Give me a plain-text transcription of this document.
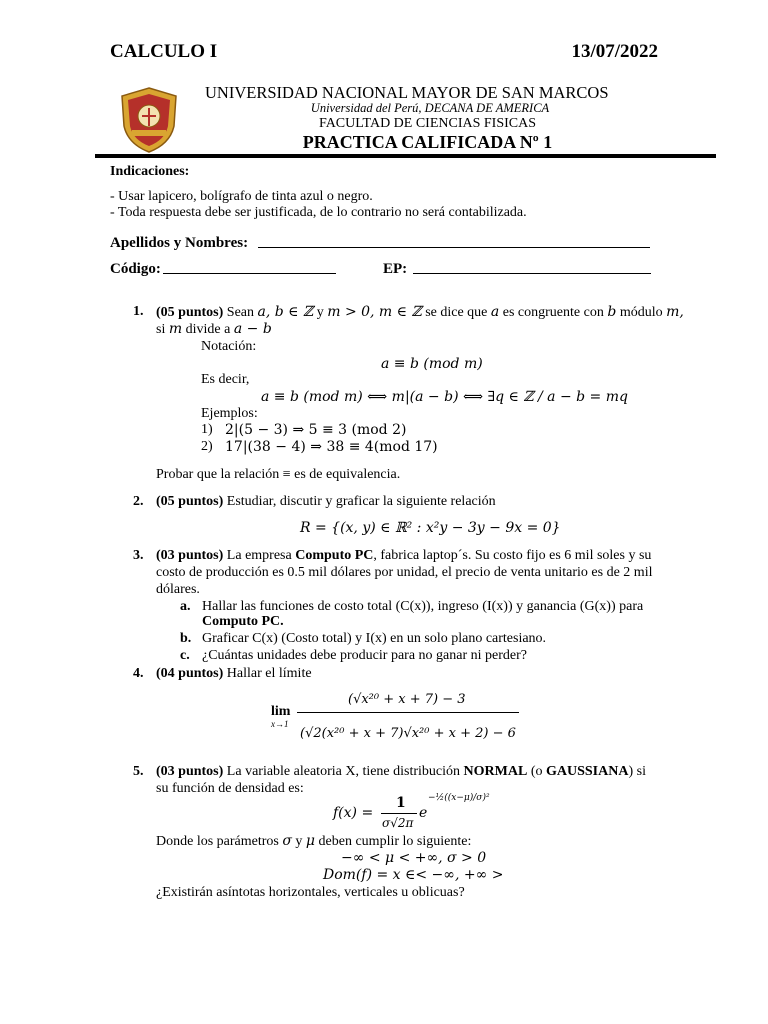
CALCULO I	13/07/2022
UNIVERSIDAD NACIONAL MAYOR DE SAN MARCOS
Universidad del Perú, DECANA DE AMERICA
FACULTAD DE CIENCIAS FISICAS
PRACTICA CALIFICADA Nº 1
Indicaciones:
- Usar lapicero, bolígrafo de tinta azul o negro.
- Toda respuesta debe ser justificada, de lo contrario no será contabilizada.
Apellidos y Nombres:
Código:	EP:
1. (05 puntos) Sean a, b ∈ ℤ y m > 0, m ∈ ℤ se dice que a es congruente con b módulo m,
si m divide a a − b
Notación:
a ≡ b (mod m)
Es decir,
a ≡ b (mod m) ⟺ m|(a − b) ⟺ ∃q ∈ ℤ / a − b = mq
Ejemplos:
1) 2|(5 − 3) ⇒ 5 ≡ 3 (mod 2)
2) 17|(38 − 4) ⇒ 38 ≡ 4(mod 17)
Probar que la relación ≡ es de equivalencia.
2. (05 puntos) Estudiar, discutir y graficar la siguiente relación
R = {(x, y) ∈ ℝ² : x²y − 3y − 9x = 0}
3. (03 puntos) La empresa Computo PC, fabrica laptop´s. Su costo fijo es 6 mil soles y su
costo de producción es 0.5 mil dólares por unidad, el precio de venta unitario es de 2 mil
dólares.
a. Hallar las funciones de costo total (C(x)), ingreso (I(x)) y ganancia (G(x)) para
Computo PC.
b. Graficar C(x) (Costo total) y I(x) en un solo plano cartesiano.
c. ¿Cuántas unidades debe producir para no ganar ni perder?
4. (04 puntos) Hallar el límite
lim
x→1
(√x²⁰ + x + 7) − 3
(√2(x²⁰ + x + 7)√x²⁰ + x + 2) − 6
5. (03 puntos) La variable aleatoria X, tiene distribución NORMAL (o GAUSSIANA) si
su función de densidad es:
f(x) =
1
σ√2π
e
−½((x−μ)/σ)²
Donde los parámetros σ y μ deben cumplir lo siguiente:
−∞ < μ < +∞, σ > 0
Dom(f) = x ∈< −∞, +∞ >
¿Existirán asíntotas horizontales, verticales u oblicuas?
